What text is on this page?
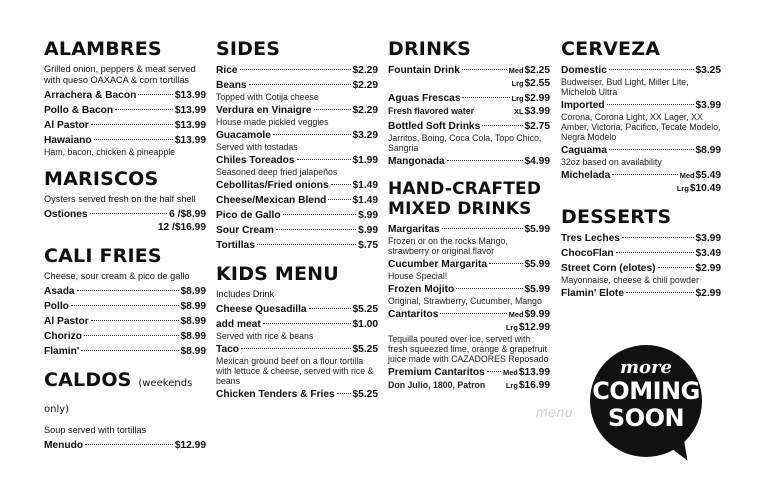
ALAMBRES
Grilled onion, peppers & meat served with queso OAXACA & corn tortillas
Arrachera & Bacon	$13.99
Pollo & Bacon	$13.99
Al Pastor	$13.99
Hawaiano	$13.99
Ham, bacon, chicken & pineapple
MARISCOS
Oysters served fresh on the half shell
Ostiones	6 /$8.99
12 /$16.99
CALI FRIES
Cheese, sour cream & pico de gallo
Asada	$8.99
Pollo	$8.99
Al Pastor	$8.99
Chorizo	$8.99
Flamin'	$8.99
CALDOS (weekends only)
Soup served with tortillas
Menudo	$12.99
SIDES
Rice	$2.29
Beans	$2.29
Topped with Cotija cheese
Verdura en Vinaigre	$2.29
House made pickled veggies
Guacamole	$3.29
Served with tostadas
Chiles Toreados	$1.99
Seasoned deep fried jalapeños
Cebollitas/Fried onions $1.49
Cheese/Mexican Blend	$1.49
Pico de Gallo	$.99
Sour Cream	$.99
Tortillas	$.75
KIDS MENU
Includes Drink
Cheese Quesadilla	$5.25
add meat	$1.00
Served with rice & beans
Taco	$5.25
Mexican ground beef on a flour tortilla with lettuce & cheese, served with rice & beans
Chicken Tenders & Fries $5.25
DRINKS
Fountain Drink	Med $2.25
Lrg $2.55
Aguas Frescas	Lrg $2.99
Fresh flavored water	XL $3.99
Bottled Soft Drinks	$2.75
Jarritos, Boing, Coca Cola, Topo Chico, Sangria
Mangonada	$4.99
HAND-CRAFTED MIXED DRINKS
Margaritas	$5.99
Frozen or on the rocks Mango, strawberry or original flavor
Cucumber Margarita	$5.99
House Special!
Frozen Mojito	$5.99
Original, Strawberry, Cucumber, Mango
Cantaritos	Med $9.99
Lrg $12.99
Tequilla poured over ice, served with fresh squeezed lime, orange & grapefruit juice made with CAZADORES Reposado
Premium Cantaritos Med $13.99
Don Julio, 1800, Patron	Lrg $16.99
CERVEZA
Domestic	$3.25
Budweiser, Bud Light, Miller Lite, Michelob Ultra
Imported	$3.99
Corona, Corona Light, XX Lager, XX Amber, Victoria, Pacifico, Tecate Modelo, Negra Modelo
Caguama	$8.99
32oz based on availability
Michelada	Med $5.49
Lrg $10.49
DESSERTS
Tres Leches	$3.99
ChocoFlan	$3.49
Street Corn (elotes)	$2.99
Mayonnaise, cheese & chili powder
Flamin' Elote	$2.99
more
COMING
SOON
menu
